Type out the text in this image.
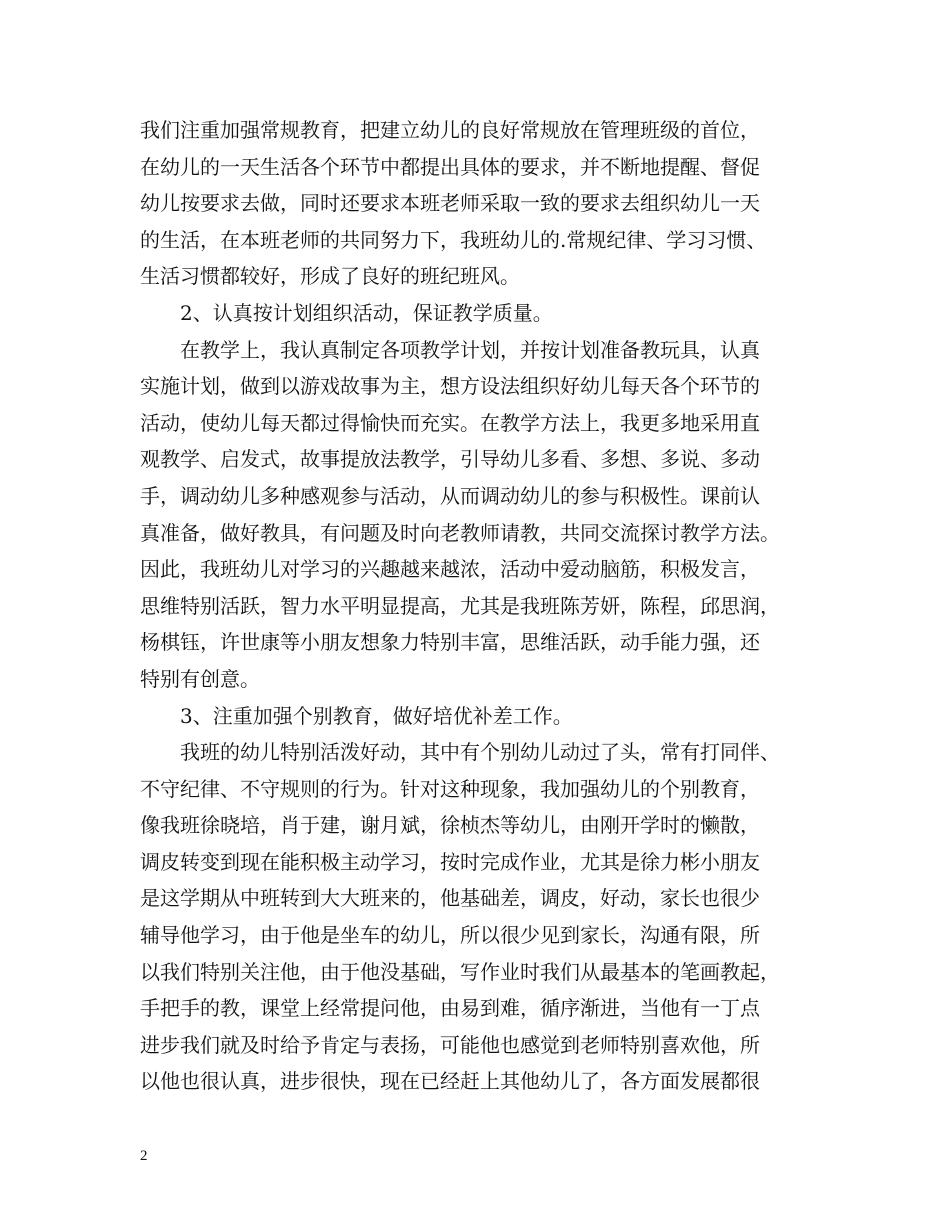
我们注重加强常规教育，把建立幼儿的良好常规放在管理班级的首位，
在幼儿的一天生活各个环节中都提出具体的要求，并不断地提醒、督促
幼儿按要求去做，同时还要求本班老师采取一致的要求去组织幼儿一天
的生活，在本班老师的共同努力下，我班幼儿的.常规纪律、学习习惯、
生活习惯都较好，形成了良好的班纪班风。
2、认真按计划组织活动，保证教学质量。
在教学上，我认真制定各项教学计划，并按计划准备教玩具，认真
实施计划，做到以游戏故事为主，想方设法组织好幼儿每天各个环节的
活动，使幼儿每天都过得愉快而充实。在教学方法上，我更多地采用直
观教学、启发式，故事提放法教学，引导幼儿多看、多想、多说、多动
手，调动幼儿多种感观参与活动，从而调动幼儿的参与积极性。课前认
真准备，做好教具，有问题及时向老教师请教，共同交流探讨教学方法。
因此，我班幼儿对学习的兴趣越来越浓，活动中爱动脑筋，积极发言，
思维特别活跃，智力水平明显提高，尤其是我班陈芳妍，陈程，邱思润，
杨棋钰，许世康等小朋友想象力特别丰富，思维活跃，动手能力强，还
特别有创意。
3、注重加强个别教育，做好培优补差工作。
我班的幼儿特别活泼好动，其中有个别幼儿动过了头，常有打同伴、
不守纪律、不守规则的行为。针对这种现象，我加强幼儿的个别教育，
像我班徐晓培，肖于建，谢月斌，徐桢杰等幼儿，由刚开学时的懒散，
调皮转变到现在能积极主动学习，按时完成作业，尤其是徐力彬小朋友
是这学期从中班转到大大班来的，他基础差，调皮，好动，家长也很少
辅导他学习，由于他是坐车的幼儿，所以很少见到家长，沟通有限，所
以我们特别关注他，由于他没基础，写作业时我们从最基本的笔画教起，
手把手的教，课堂上经常提问他，由易到难，循序渐进，当他有一丁点
进步我们就及时给予肯定与表扬，可能他也感觉到老师特别喜欢他，所
以他也很认真，进步很快，现在已经赶上其他幼儿了，各方面发展都很
2
